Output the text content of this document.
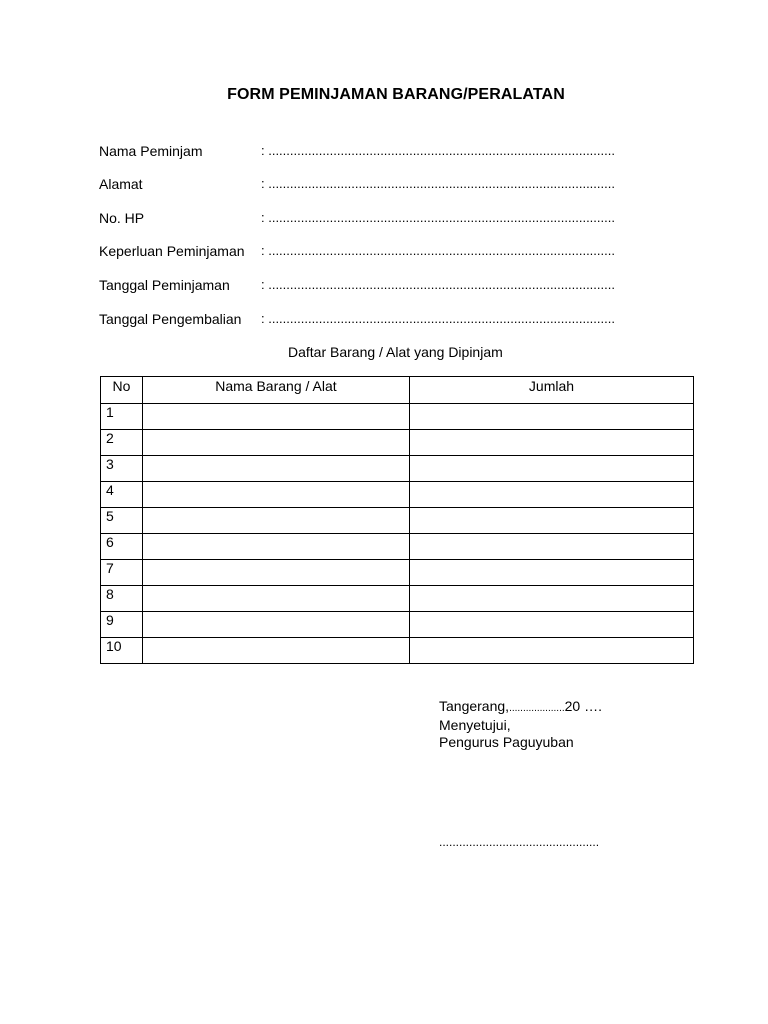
FORM PEMINJAMAN BARANG/PERALATAN
Nama Peminjam	: ................................................................................................
Alamat	: ................................................................................................
No. HP	: ................................................................................................
Keperluan Peminjaman : ................................................................................................
Tanggal Peminjaman : ................................................................................................
Tanggal Pengembalian : ................................................................................................
Daftar Barang / Alat yang Dipinjam
No	Nama Barang / Alat	Jumlah
1		
2		
3		
4		
5		
6		
7		
8		
9		
10		
Tangerang,....................20 ….
Menyetujui,
Pengurus Paguyuban
................................................
